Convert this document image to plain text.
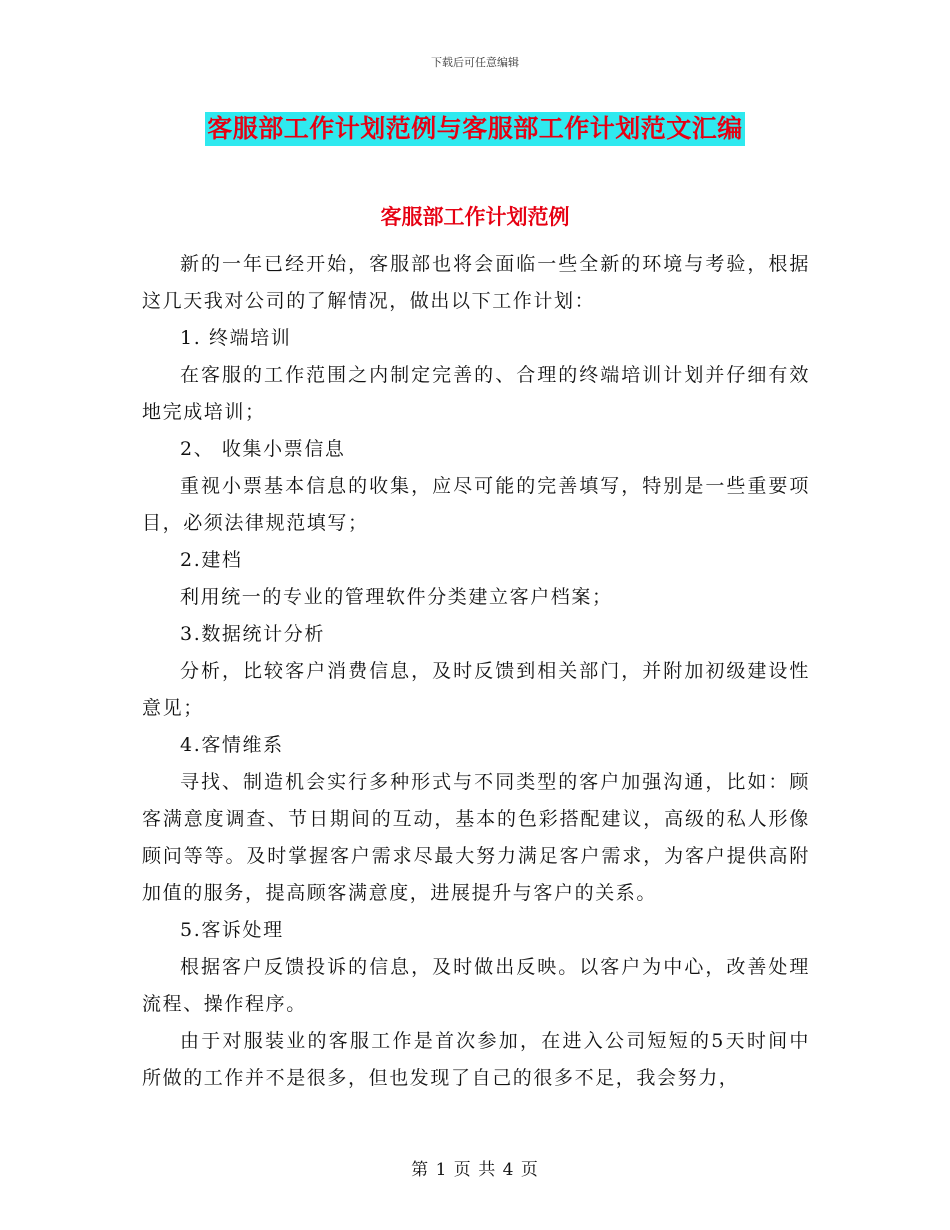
下载后可任意编辑
客服部工作计划范例与客服部工作计划范文汇编
客服部工作计划范例

新的一年已经开始，客服部也将会面临一些全新的环境与考验，根据这几天我对公司的了解情况，做出以下工作计划：

1. 终端培训

在客服的工作范围之内制定完善的、合理的终端培训计划并仔细有效地完成培训；

2、 收集小票信息

重视小票基本信息的收集，应尽可能的完善填写，特别是一些重要项目，必须法律规范填写；

2.建档

利用统一的专业的管理软件分类建立客户档案；

3.数据统计分析

分析，比较客户消费信息，及时反馈到相关部门，并附加初级建设性意见；

4.客情维系

寻找、制造机会实行多种形式与不同类型的客户加强沟通，比如：顾客满意度调查、节日期间的互动，基本的色彩搭配建议，高级的私人形像顾问等等。及时掌握客户需求尽最大努力满足客户需求，为客户提供高附加值的服务，提高顾客满意度，进展提升与客户的关系。

5.客诉处理

根据客户反馈投诉的信息，及时做出反映。以客户为中心，改善处理流程、操作程序。

由于对服装业的客服工作是首次参加，在进入公司短短的5天时间中所做的工作并不是很多，但也发现了自己的很多不足，我会努力，

第 1 页 共 4 页
